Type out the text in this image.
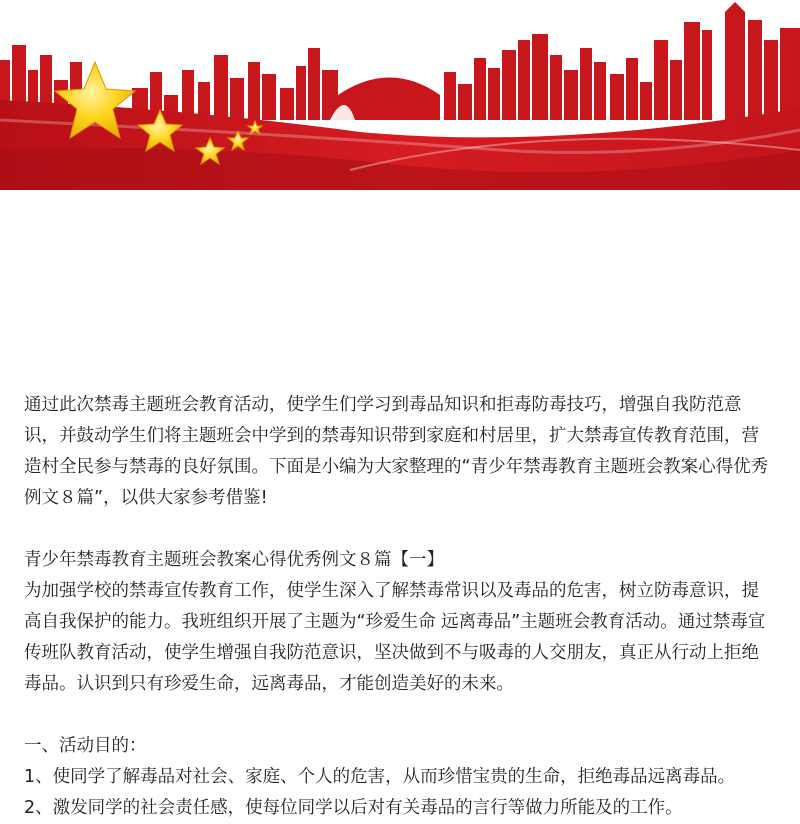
通过此次禁毒主题班会教育活动，使学生们学习到毒品知识和拒毒防毒技巧，增强自我防范意识，并鼓动学生们将主题班会中学到的禁毒知识带到家庭和村居里，扩大禁毒宣传教育范围，营造村全民参与禁毒的良好氛围。下面是小编为大家整理的“青少年禁毒教育主题班会教案心得优秀例文８篇”，以供大家参考借鉴!

青少年禁毒教育主题班会教案心得优秀例文８篇【一】

为加强学校的禁毒宣传教育工作，使学生深入了解禁毒常识以及毒品的危害，树立防毒意识，提高自我保护的能力。我班组织开展了主题为“珍爱生命 远离毒品”主题班会教育活动。通过禁毒宣传班队教育活动，使学生增强自我防范意识，坚决做到不与吸毒的人交朋友，真正从行动上拒绝毒品。认识到只有珍爱生命，远离毒品，才能创造美好的未来。

一、活动目的：

1、使同学了解毒品对社会、家庭、个人的危害，从而珍惜宝贵的生命，拒绝毒品远离毒品。

2、激发同学的社会责任感，使每位同学以后对有关毒品的言行等做力所能及的工作。
